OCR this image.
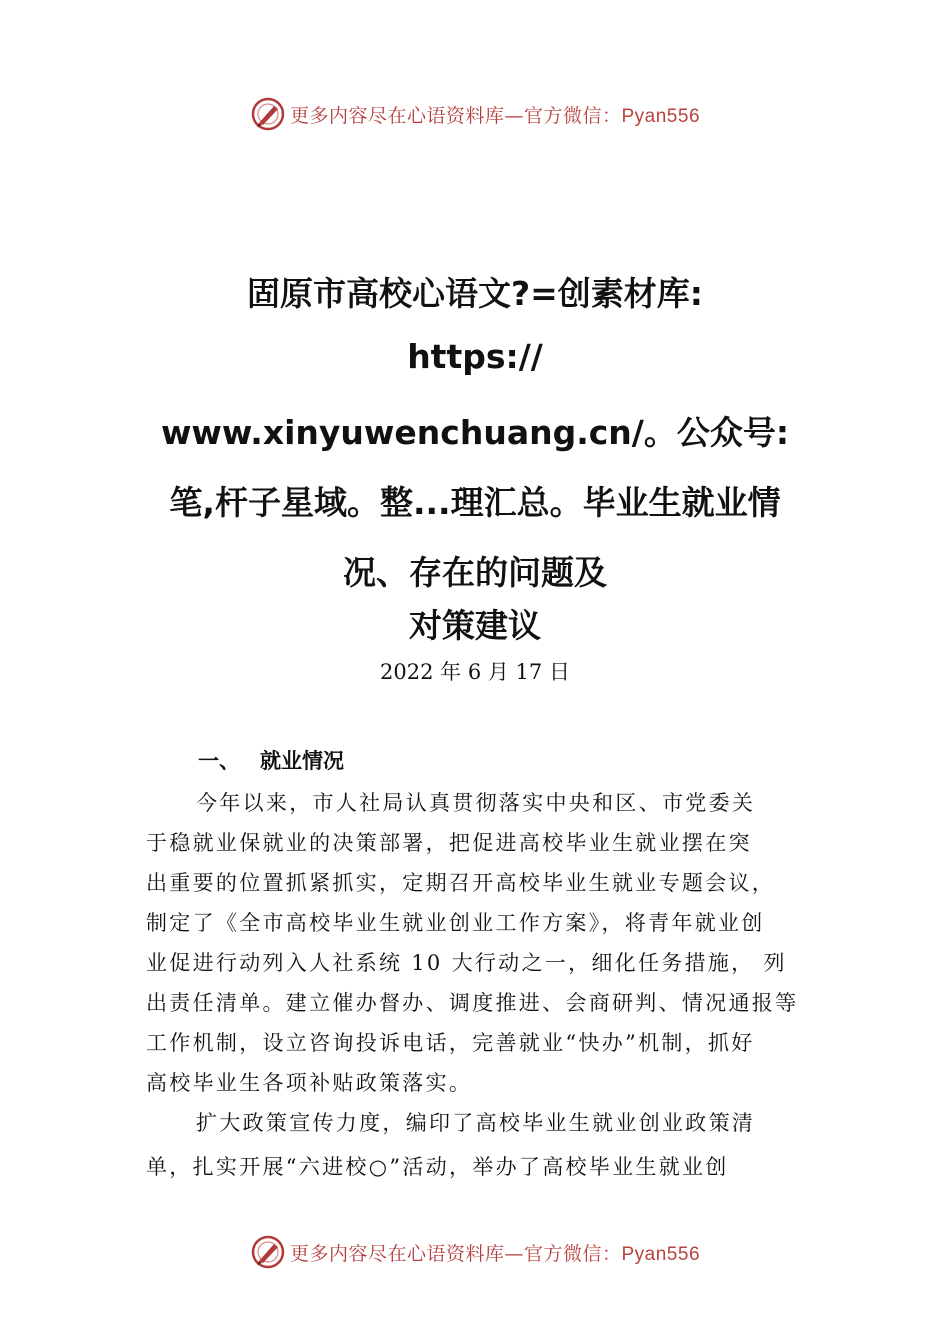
更多内容尽在心语资料库—官方微信：Pyan556
固原市高校心语文?=创素材库:
https://
www.xinyuwenchuang.cn/。公众号:
笔,杆子星域。整...理汇总。毕业生就业情
况、存在的问题及
对策建议
2022 年 6 月 17 日
一、 就业情况
今年以来，市人社局认真贯彻落实中央和区、市党委关
于稳就业保就业的决策部署，把促进高校毕业生就业摆在突
出重要的位置抓紧抓实，定期召开高校毕业生就业专题会议，
制定了《全市高校毕业生就业创业工作方案》，将青年就业创
业促进行动列入人社系统 10 大行动之一，细化任务措施， 列
出责任清单。建立催办督办、调度推进、会商研判、情况通报等
工作机制，设立咨询投诉电话，完善就业“快办”机制，抓好
高校毕业生各项补贴政策落实。
扩大政策宣传力度，编印了高校毕业生就业创业政策清
单，扎实开展“六进校○”活动，举办了高校毕业生就业创
更多内容尽在心语资料库—官方微信：Pyan556
